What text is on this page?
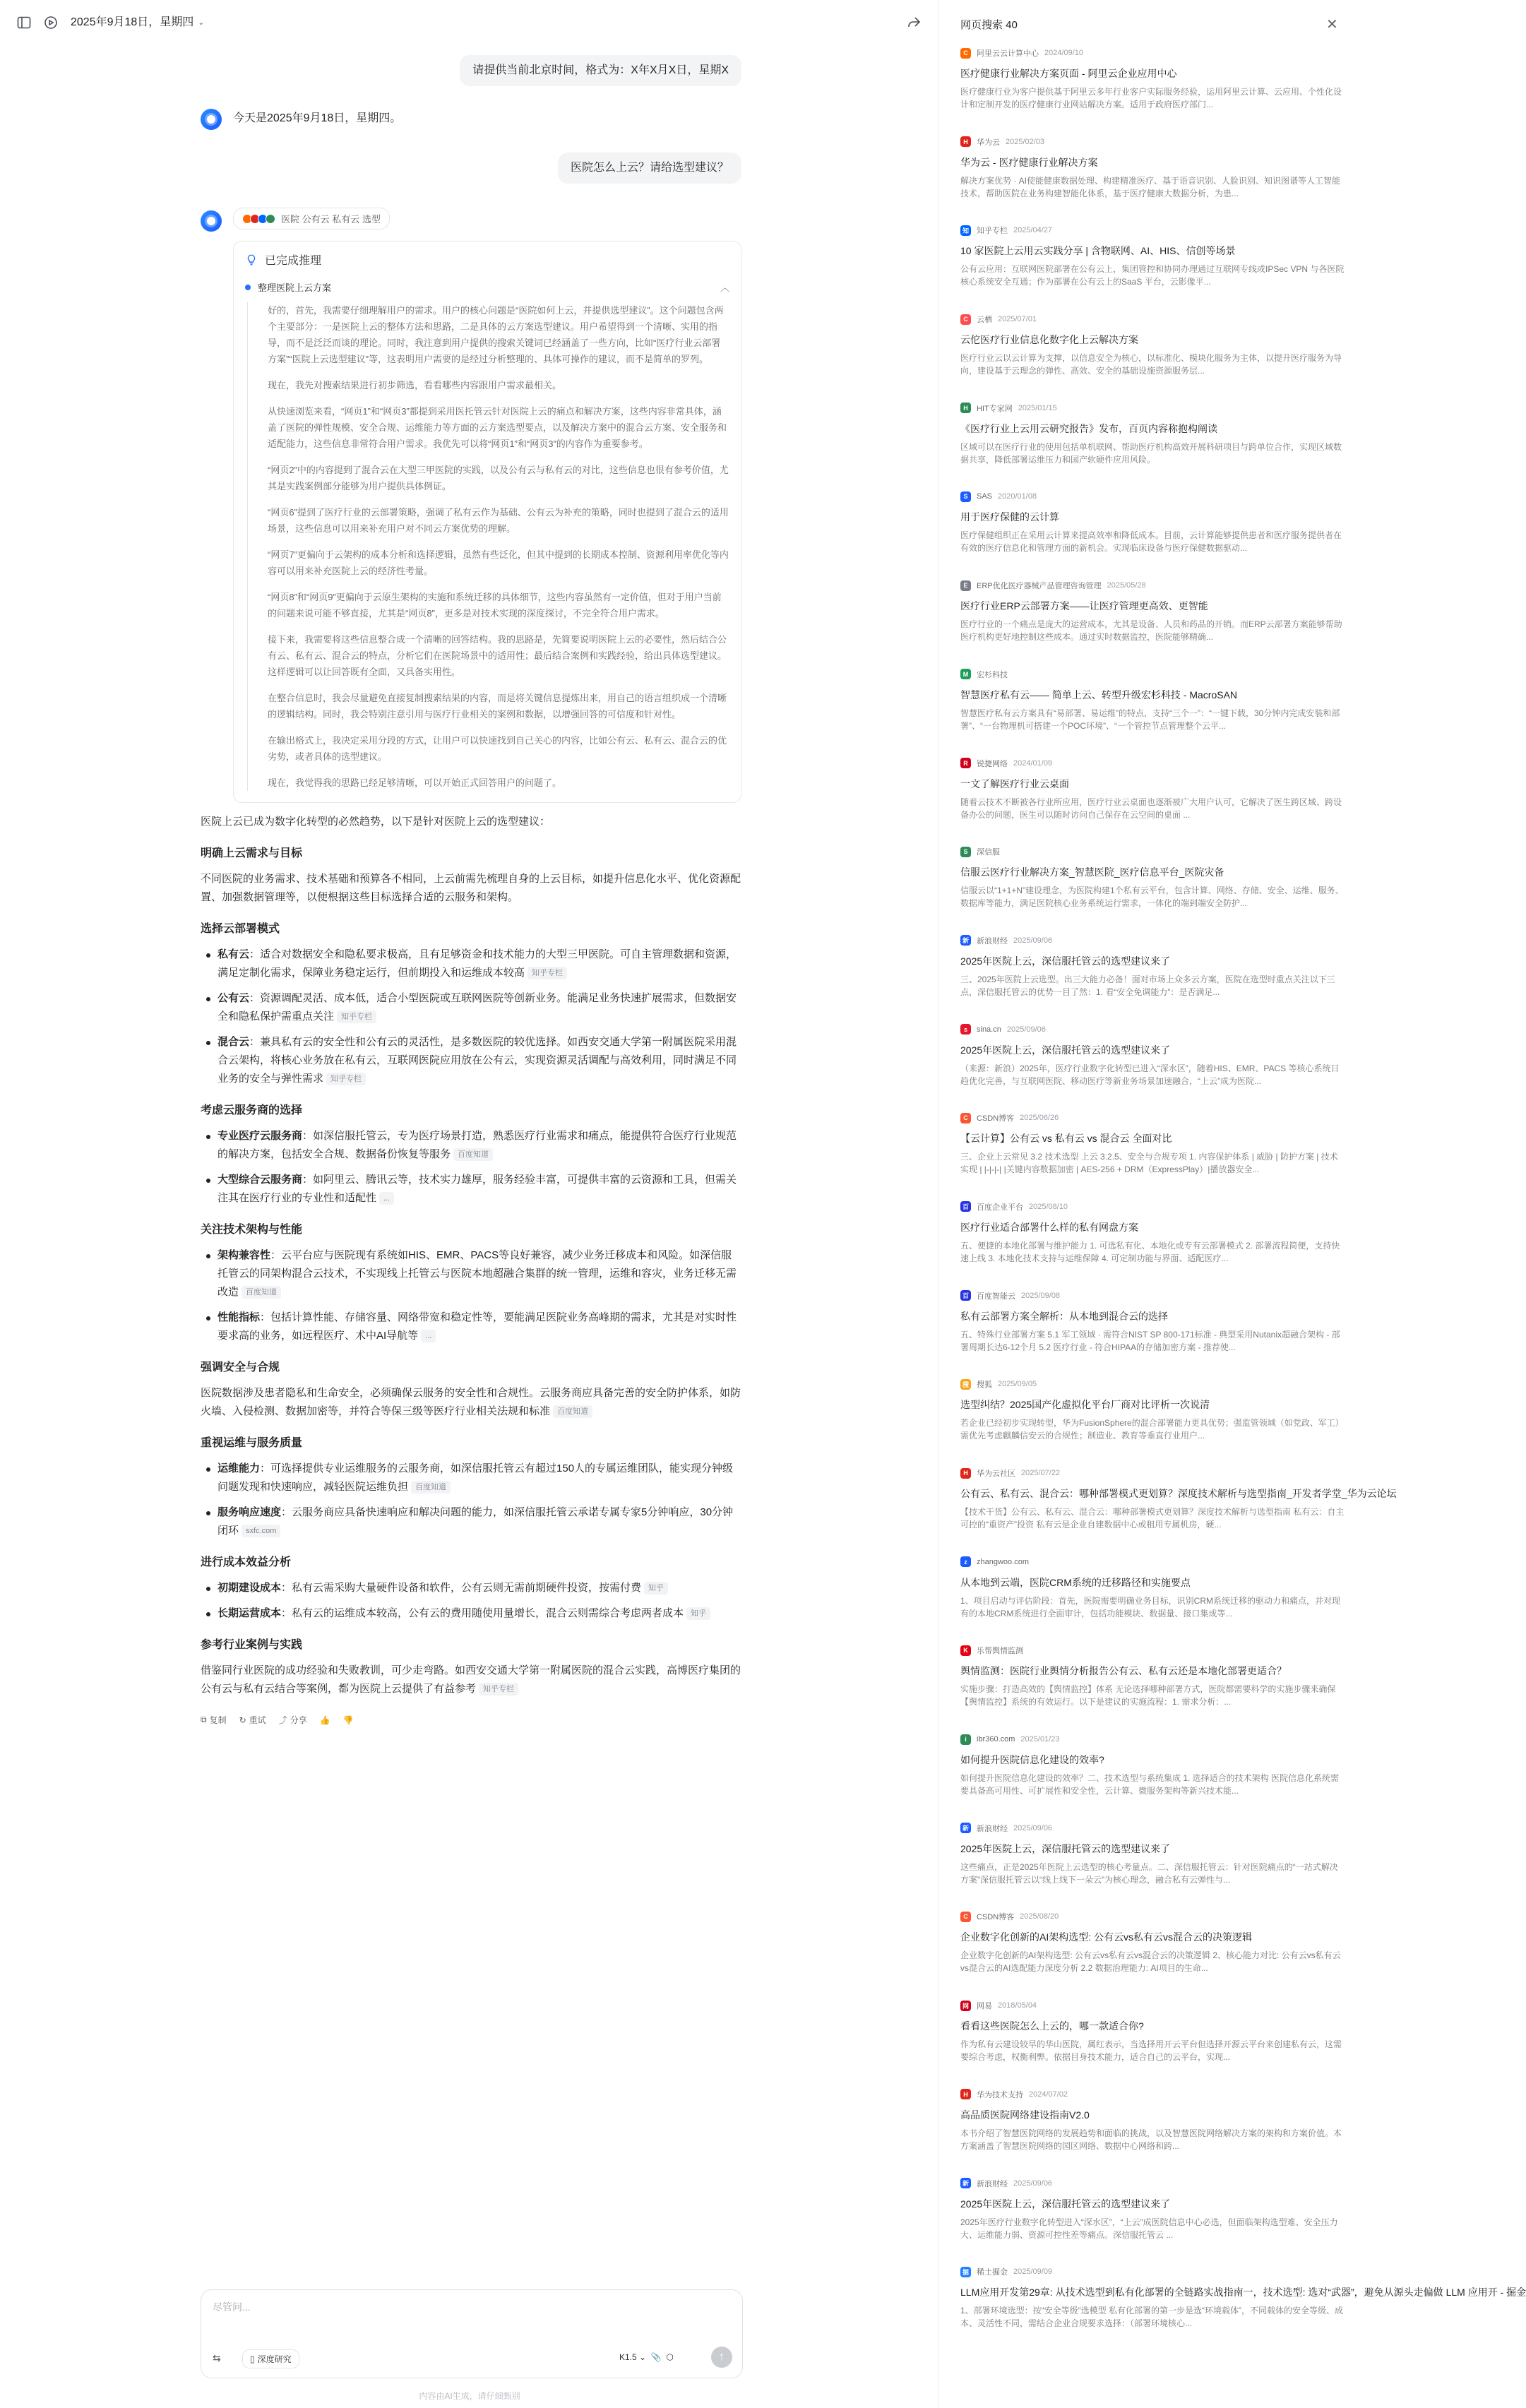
2025年9月18日，星期四 ⌄
请提供当前北京时间，格式为：X年X月X日，星期X
今天是2025年9月18日，星期四。
医院怎么上云？请给选型建议？
医院 公有云 私有云 选型
已完成推理
整理医院上云方案	︿

好的，首先，我需要仔细理解用户的需求。用户的核心问题是“医院如何上云，并提供选型建议”。这个问题包含两个主要部分：一是医院上云的整体方法和思路，二是具体的云方案选型建议。用户希望得到一个清晰、实用的指导，而不是泛泛而谈的理论。同时，我注意到用户提供的搜索关键词已经涵盖了一些方向，比如“医疗行业云部署方案”“医院上云选型建议”等，这表明用户需要的是经过分析整理的、具体可操作的建议，而不是简单的罗列。

现在，我先对搜索结果进行初步筛选，看看哪些内容跟用户需求最相关。

从快速浏览来看，“网页1”和“网页3”都提到采用医托管云针对医院上云的痛点和解决方案，这些内容非常具体，涵盖了医院的弹性规模、安全合规、运维能力等方面的云方案选型要点，以及解决方案中的混合云方案、安全服务和适配能力，这些信息非常符合用户需求。我优先可以将“网页1”和“网页3”的内容作为重要参考。

“网页2”中的内容提到了混合云在大型三甲医院的实践，以及公有云与私有云的对比，这些信息也很有参考价值，尤其是实践案例部分能够为用户提供具体例证。

“网页6”提到了医疗行业的云部署策略，强调了私有云作为基础、公有云为补充的策略，同时也提到了混合云的适用场景，这些信息可以用来补充用户对不同云方案优势的理解。

“网页7”更偏向于云架构的成本分析和选择逻辑，虽然有些泛化，但其中提到的长期成本控制、资源利用率优化等内容可以用来补充医院上云的经济性考量。

“网页8”和“网页9”更偏向于云原生架构的实施和系统迁移的具体细节，这些内容虽然有一定价值，但对于用户当前的问题来说可能不够直接，尤其是“网页8”，更多是对技术实现的深度探讨，不完全符合用户需求。

接下来，我需要将这些信息整合成一个清晰的回答结构。我的思路是，先简要说明医院上云的必要性，然后结合公有云、私有云、混合云的特点，分析它们在医院场景中的适用性；最后结合案例和实践经验，给出具体选型建议。这样逻辑可以让回答既有全面，又具备实用性。

在整合信息时，我会尽量避免直接复制搜索结果的内容，而是将关键信息提炼出来，用自己的语言组织成一个清晰的逻辑结构。同时，我会特别注意引用与医疗行业相关的案例和数据，以增强回答的可信度和针对性。

在输出格式上，我决定采用分段的方式，让用户可以快速找到自己关心的内容，比如公有云、私有云、混合云的优劣势，或者具体的选型建议。

现在，我觉得我的思路已经足够清晰，可以开始正式回答用户的问题了。

医院上云已成为数字化转型的必然趋势，以下是针对医院上云的选型建议：

明确上云需求与目标

不同医院的业务需求、技术基础和预算各不相同，上云前需先梳理自身的上云目标，如提升信息化水平、优化资源配置、加强数据管理等，以便根据这些目标选择合适的云服务和架构。

选择云部署模式
私有云：适合对数据安全和隐私要求极高，且有足够资金和技术能力的大型三甲医院。可自主管理数据和资源，满足定制化需求，保障业务稳定运行，但前期投入和运维成本较高 知乎专栏
公有云：资源调配灵活、成本低，适合小型医院或互联网医院等创新业务。能满足业务快速扩展需求，但数据安全和隐私保护需重点关注 知乎专栏
混合云：兼具私有云的安全性和公有云的灵活性，是多数医院的较优选择。如西安交通大学第一附属医院采用混合云架构，将核心业务放在私有云，互联网医院应用放在公有云，实现资源灵活调配与高效利用，同时满足不同业务的安全与弹性需求 知乎专栏
考虑云服务商的选择
专业医疗云服务商：如深信服托管云，专为医疗场景打造，熟悉医疗行业需求和痛点，能提供符合医疗行业规范的解决方案，包括安全合规、数据备份恢复等服务 百度知道
大型综合云服务商：如阿里云、腾讯云等，技术实力雄厚，服务经验丰富，可提供丰富的云资源和工具，但需关注其在医疗行业的专业性和适配性 ...
关注技术架构与性能
架构兼容性：云平台应与医院现有系统如HIS、EMR、PACS等良好兼容，减少业务迁移成本和风险。如深信服托管云的同架构混合云技术，不实现线上托管云与医院本地超融合集群的统一管理，运维和容灾，业务迁移无需改造 百度知道
性能指标：包括计算性能、存储容量、网络带宽和稳定性等，要能满足医院业务高峰期的需求，尤其是对实时性要求高的业务，如远程医疗、术中AI导航等 ...
强调安全与合规

医院数据涉及患者隐私和生命安全，必须确保云服务的安全性和合规性。云服务商应具备完善的安全防护体系，如防火墙、入侵检测、数据加密等，并符合等保三级等医疗行业相关法规和标准 百度知道

重视运维与服务质量
运维能力：可选择提供专业运维服务的云服务商，如深信服托管云有超过150人的专属运维团队，能实现分钟级问题发现和快速响应，减轻医院运维负担 百度知道
服务响应速度：云服务商应具备快速响应和解决问题的能力，如深信服托管云承诺专属专家5分钟响应，30分钟闭环 sxfc.com
进行成本效益分析
初期建设成本：私有云需采购大量硬件设备和软件，公有云则无需前期硬件投资，按需付费 知乎
长期运营成本：私有云的运维成本较高，公有云的费用随使用量增长，混合云则需综合考虑两者成本 知乎
参考行业案例与实践

借鉴同行业医院的成功经验和失败教训，可少走弯路。如西安交通大学第一附属医院的混合云实践，高博医疗集团的公有云与私有云结合等案例，都为医院上云提供了有益参考 知乎专栏

⧉ 复制 ↻ 重试 ⤴ 分享 👍 👎
尽管问...
⇆	▯ 深度研究	K1.5 ⌄ 📎 ⬡	↑
内容由AI生成，请仔细甄别
网页搜索 40	✕
C	阿里云云计算中心 2024/09/10
医疗健康行业解决方案页面 - 阿里云企业应用中心
医疗健康行业为客户提供基于阿里云多年行业客户实际服务经验，运用阿里云计算、云应用、个性化设计和定制开发的医疗健康行业网站解决方案。适用于政府医疗部门...
H	华为云 2025/02/03
华为云 - 医疗健康行业解决方案
解决方案优势 · AI使能健康数据处理、构建精准医疗、基于语音识别、人脸识别、知识图谱等人工智能技术，帮助医院在业务构建智能化体系，基于医疗健康大数据分析，为患...
知 知乎专栏 2025/04/27
10 家医院上云用云实践分享 | 含物联网、AI、HIS、信创等场景
公有云应用：互联网医院部署在公有云上，集团管控和协同办理通过互联网专线或IPSec VPN 与各医院核心系统安全互通；作为部署在公有云上的SaaS 平台，云影像平...
C	云栖 2025/07/01
云佗医疗行业信息化数字化上云解决方案
医疗行业云以云计算为支撑，以信息安全为核心，以标准化、模块化服务为主体，以提升医疗服务为导向，建设基于云理念的弹性、高效、安全的基础设施资源服务层...
H	HIT专家网 2025/01/15
《医疗行业上云用云研究报告》发布，百页内容称抱构阐读
区域可以在医疗行业的使用包括单机联网、帮助医疗机构高效开展科研项目与跨单位合作，实现区域数据共享，降低部署运维压力和国产软硬件应用风险。
S	SAS 2020/01/08
用于医疗保健的云计算
医疗保健组织正在采用云计算来提高效率和降低成本。目前，云计算能够提供患者和医疗服务提供者在有效的医疗信息化和管理方面的新机会。实现临床设备与医疗保健数据驱动...
E	ERP优化医疗器械产品管理咨询管理 2025/05/28
医疗行业ERP云部署方案——让医疗管理更高效、更智能
医疗行业的一个痛点是庞大的运营成本，尤其是设备、人员和药品的开销。而ERP云部署方案能够帮助医疗机构更好地控制这些成本。通过实时数据监控，医院能够精确...
M	宏杉科技
智慧医疗私有云—— 简单上云、转型升级宏杉科技 - MacroSAN
智慧医疗私有云方案具有“易部署、易运维”的特点，支持“三个一”：“一键下载，30分钟内完成安装和部署”、“一台物理机可搭建一个POC环境”、“一个管控节点管理整个云平...
R	锐捷网络 2024/01/09
一文了解医疗行业云桌面
随着云技术不断被各行业所应用，医疗行业云桌面也逐渐被广大用户认可，它解决了医生跨区域、跨设备办公的问题，医生可以随时访问自己保存在云空间的桌面 ...
S	深信服
信服云医疗行业解决方案_智慧医院_医疗信息平台_医院灾备
信服云以“1+1+N”建设理念，为医院构建1个私有云平台，包含计算、网络、存储、安全、运维、服务、数据库等能力，满足医院核心业务系统运行需求，一体化的端到端安全防护...
新 新浪财经 2025/09/06
2025年医院上云，深信服托管云的选型建议来了
三、2025年医院上云选型。出三大能力必备！面对市场上众多云方案，医院在选型时重点关注以下三点，深信服托管云的优势一目了然：1. 看“安全免调能力”：是否满足...
s	sina.cn 2025/09/06
2025年医院上云，深信服托管云的选型建议来了
（来源：新浪）2025年，医疗行业数字化转型已进入“深水区”，随着HIS、EMR、PACS 等核心系统日趋优化完善，与互联网医院、移动医疗等新业务场景加速融合，“上云”成为医院...
C	CSDN博客 2025/06/26
【云计算】公有云 vs 私有云 vs 混合云 全面对比
三、企业上云常见 3.2 技术选型 上云 3.2.5、安全与合规专项 1. 内容保护体系 | 威胁 | 防护方案 | 技术实现 | |-|-|-| |关键内容数据加密 | AES-256 + DRM（ExpressPlay）|播放器安全...
百 百度企业平台 2025/08/10
医疗行业适合部署什么样的私有网盘方案
五、便捷的本地化部署与维护能力 1. 可选私有化、本地化或专有云部署模式 2. 部署流程简便，支持快速上线 3. 本地化技术支持与运维保障 4. 可定制功能与界面、适配医疗...
百 百度智能云 2025/09/08
私有云部署方案全解析：从本地到混合云的选择
五、特殊行业部署方案 5.1 军工领域 · 需符合NIST SP 800-171标准 - 典型采用Nutanix超融合架构 - 部署周期长达6-12个月 5.2 医疗行业 - 符合HIPAA的存储加密方案 - 推荐使...
搜 搜狐 2025/09/05
选型纠结？2025国产化虚拟化平台厂商对比评析一次说清
若企业已经初步实现转型，华为FusionSphere的混合部署能力更具优势；强监管领域（如党政、军工）需优先考虑麒麟信安云的合规性；制造业、教育等垂直行业用户...
H	华为云社区 2025/07/22
公有云、私有云、混合云：哪种部署模式更划算？深度技术解析与选型指南_开发者学堂_华为云论坛
【技术干货】公有云、私有云、混合云：哪种部署模式更划算？深度技术解析与选型指南 私有云：自主可控的“重资产”投资 私有云是企业自建数据中心或租用专属机房，硬...
z	zhangwoo.com
从本地到云端，医院CRM系统的迁移路径和实施要点
1、项目启动与评估阶段：首先，医院需要明确业务目标，识别CRM系统迁移的驱动力和痛点，并对现有的本地CRM系统进行全面审计，包括功能模块、数据量、接口集成等...
K	乐帮舆情监测
舆情监测：医院行业舆情分析报告公有云、私有云还是本地化部署更适合？
实施步骤：打造高效的【舆情监控】体系 无论选择哪种部署方式，医院都需要科学的实施步骤来确保【舆情监控】系统的有效运行。以下是建议的实施流程：1. 需求分析：...
i	ibr360.com 2025/01/23
如何提升医院信息化建设的效率?
如何提升医院信息化建设的效率？二、技术选型与系统集成 1. 选择适合的技术架构 医院信息化系统需要具备高可用性、可扩展性和安全性，云计算、微服务架构等新兴技术能...
新 新浪财经 2025/09/06
2025年医院上云，深信服托管云的选型建议来了
这些痛点，正是2025年医院上云选型的核心考量点。二、深信服托管云：针对医院痛点的“一站式解决方案”深信服托管云以“线上线下一朵云”为核心理念，融合私有云弹性与...
C	CSDN博客 2025/08/20
企业数字化创新的AI架构选型: 公有云vs私有云vs混合云的决策逻辑
企业数字化创新的AI架构选型: 公有云vs私有云vs混合云的决策逻辑 2、核心能力对比: 公有云vs私有云vs混合云的AI选配能力深度分析 2.2 数据治理能力: AI项目的生命...
网 网易 2018/05/04
看看这些医院怎么上云的，哪一款适合你?
作为私有云建设较早的华山医院，属红表示，当选择用开云平台但选择开源云平台来创建私有云，这需要综合考虑，权衡利弊。依据目身技术能力，适合自己的云平台，实现...
H	华为技术支持 2024/07/02
高品质医院网络建设指南V2.0
本书介绍了智慧医院网络的发展趋势和面临的挑战，以及智慧医院网络解决方案的架构和方案价值。本方案涵盖了智慧医院网络的园区网络、数据中心网络和跨...
新 新浪财经 2025/09/06
2025年医院上云，深信服托管云的选型建议来了
2025年医疗行业数字化转型进入“深水区”，“上云”成医院信息中心必选，但面临架构选型难、安全压力大、运维能力弱、资源可控性差等痛点。深信服托管云 ...
掘 稀土掘金 2025/09/09
LLM应用开发第29章: 从技术选型到私有化部署的全链路实战指南一，技术选型: 选对“武器”，避免从源头走偏做 LLM 应用开 - 掘金
1、部署环境选型：按“安全等级”选模型 私有化部署的第一步是选“环境载体”，不同载体的安全等级、成本、灵活性不同，需结合企业合规要求选择：（部署环境核心...
